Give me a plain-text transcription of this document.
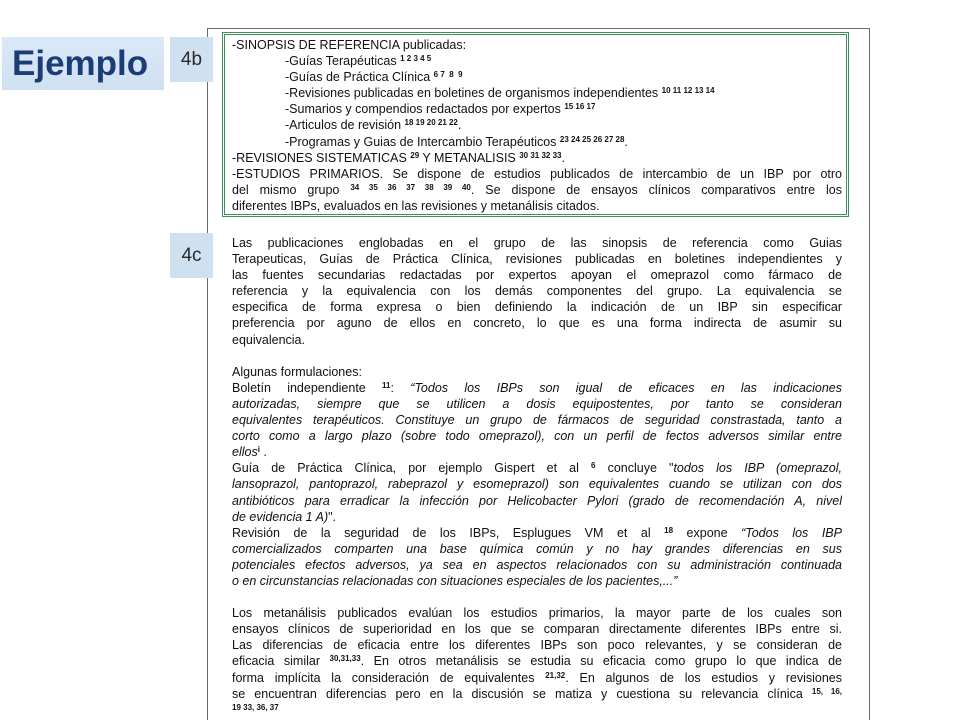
Ejemplo 4b
4c
-SINOPSIS DE REFERENCIA publicadas:
-Guías Terapéuticas $^{1 2 3 4 5}$
-Guías de Práctica Clínica $^{6 7 8 9}$
-Revisiones publicadas en boletines de organismos independientes $^{10 11 12 13 14}$
-Sumarios y compendios redactados por expertos $^{15 16 17}$
-Articulos de revisión $^{18 19 20 21 22}$.
-Programas y Guias de Intercambio Terapéuticos $^{23 24 25 26 27 28}$.
-REVISIONES SISTEMATICAS $^{29}$ Y METANALISIS $^{30 31 32 33}$.
-ESTUDIOS PRIMARIOS. Se dispone de estudios publicados de intercambio de un IBP por otro
del mismo grupo $^{34 35 36 37 38 39 40}$. Se dispone de ensayos clínicos comparativos entre los
diferentes IBPs, evaluados en las revisiones y metanálisis citados.
Las publicaciones englobadas en el grupo de las sinopsis de referencia como Guias
Terapeuticas, Guías de Práctica Clínica, revisiones publicadas en boletines independientes y
las fuentes secundarias redactadas por expertos apoyan el omeprazol como fármaco de
referencia y la equivalencia con los demás componentes del grupo. La equivalencia se
especifica de forma expresa o bien definiendo la indicación de un IBP sin especificar
preferencia por aguno de ellos en concreto, lo que es una forma indirecta de asumir su
equivalencia.
Algunas formulaciones:
Boletín independiente $^{11}$: “Todos los IBPs son igual de eficaces en las indicaciones
autorizadas, siempre que se utilicen a dosis equipostentes, por tanto se consideran
equivalentes terapéuticos. Constituye un grupo de fármacos de seguridad constrastada, tanto a
corto como a largo plazo (sobre todo omeprazol), con un perfil de fectos adversos similar entre
ellos$^i$ .
Guía de Práctica Clínica, por ejemplo Gispert et al $^6$ concluye "todos los IBP (omeprazol,
lansoprazol, pantoprazol, rabeprazol y esomeprazol) son equivalentes cuando se utilizan con dos
antibióticos para erradicar la infección por Helicobacter Pylori (grado de recomendación A, nivel
de evidencia 1 A)".
Revisión de la seguridad de los IBPs, Esplugues VM et al $^{18}$ expone “Todos los IBP
comercializados comparten una base química común y no hay grandes diferencias en sus
potenciales efectos adversos, ya sea en aspectos relacionados con su administración continuada
o en circunstancias relacionadas con situaciones especiales de los pacientes,...”
Los metanálisis publicados evalúan los estudios primarios, la mayor parte de los cuales son
ensayos clínicos de superioridad en los que se comparan directamente diferentes IBPs entre si.
Las diferencias de eficacia entre los diferentes IBPs son poco relevantes, y se consideran de
eficacia similar $^{30,31,33}$. En otros metanálisis se estudia su eficacia como grupo lo que indica de
forma implícita la consideración de equivalentes $^{21,32}$. En algunos de los estudios y revisiones
se encuentran diferencias pero en la discusión se matiza y cuestiona su relevancia clínica $^{15, 16,}$
$^{19 33, 36, 37}$
